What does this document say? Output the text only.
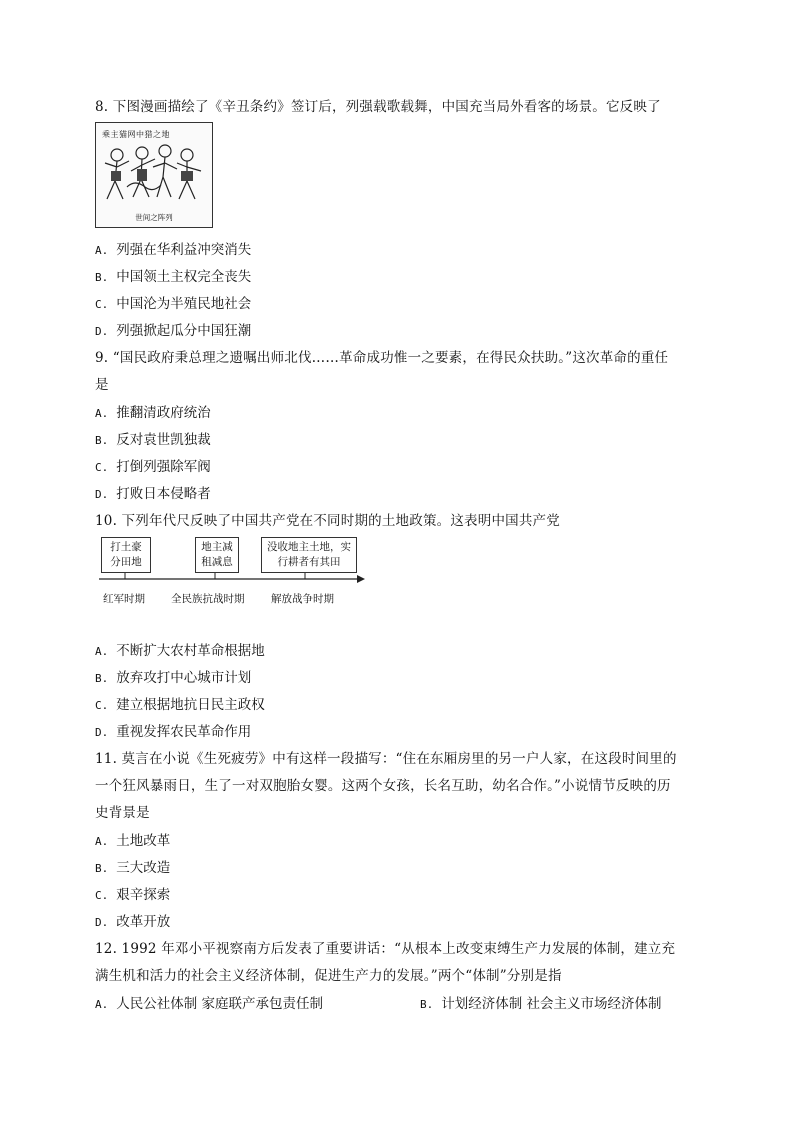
8. 下图漫画描绘了《辛丑条约》签订后，列强载歌载舞，中国充当局外看客的场景。它反映了
乘主猫网中猎之地
世间之阵列
A. 列强在华利益冲突消失
B. 中国领土主权完全丧失
C. 中国沦为半殖民地社会
D. 列强掀起瓜分中国狂潮
9. “国民政府秉总理之遗嘱出师北伐……革命成功惟一之要素，在得民众扶助。”这次革命的重任
是
A. 推翻清政府统治
B. 反对袁世凯独裁
C. 打倒列强除军阀
D. 打败日本侵略者
10. 下列年代尺反映了中国共产党在不同时期的土地政策。这表明中国共产党
打土豪
分田地
地主减
租减息
没收地主土地，实
行耕者有其田
红军时期 全民族抗战时期	解放战争时期
A. 不断扩大农村革命根据地
B. 放弃攻打中心城市计划
C. 建立根据地抗日民主政权
D. 重视发挥农民革命作用
11. 莫言在小说《生死疲劳》中有这样一段描写：“住在东厢房里的另一户人家，在这段时间里的
一个狂风暴雨日，生了一对双胞胎女婴。这两个女孩，长名互助，幼名合作。”小说情节反映的历
史背景是
A. 土地改革
B. 三大改造
C. 艰辛探索
D. 改革开放
12. 1992 年邓小平视察南方后发表了重要讲话：“从根本上改变束缚生产力发展的体制，建立充
满生机和活力的社会主义经济体制，促进生产力的发展。”两个“体制”分别是指
A. 人民公社体制 家庭联产承包责任制	B. 计划经济体制 社会主义市场经济体制
